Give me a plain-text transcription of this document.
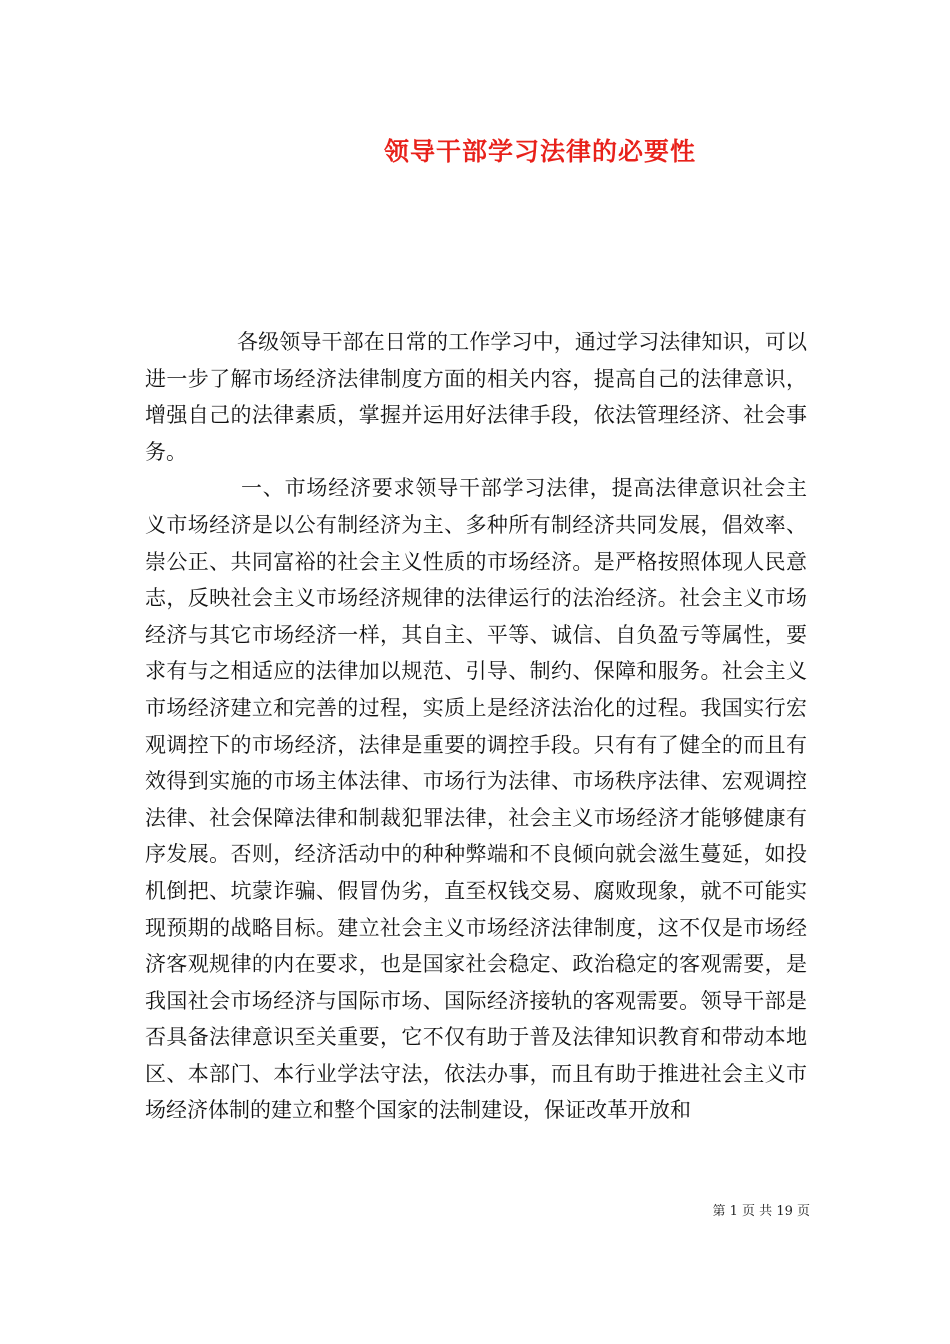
领导干部学习法律的必要性

各级领导干部在日常的工作学习中，通过学习法律知识，可以进一步了解市场经济法律制度方面的相关内容，提高自己的法律意识，增强自己的法律素质，掌握并运用好法律手段，依法管理经济、社会事务。

一、市场经济要求领导干部学习法律，提高法律意识社会主义市场经济是以公有制经济为主、多种所有制经济共同发展，倡效率、崇公正、共同富裕的社会主义性质的市场经济。是严格按照体现人民意志，反映社会主义市场经济规律的法律运行的法治经济。社会主义市场经济与其它市场经济一样，其自主、平等、诚信、自负盈亏等属性，要求有与之相适应的法律加以规范、引导、制约、保障和服务。社会主义市场经济建立和完善的过程，实质上是经济法治化的过程。我国实行宏观调控下的市场经济，法律是重要的调控手段。只有有了健全的而且有效得到实施的市场主体法律、市场行为法律、市场秩序法律、宏观调控法律、社会保障法律和制裁犯罪法律，社会主义市场经济才能够健康有序发展。否则，经济活动中的种种弊端和不良倾向就会滋生蔓延，如投机倒把、坑蒙诈骗、假冒伪劣，直至权钱交易、腐败现象，就不可能实现预期的战略目标。建立社会主义市场经济法律制度，这不仅是市场经济客观规律的内在要求，也是国家社会稳定、政治稳定的客观需要，是我国社会市场经济与国际市场、国际经济接轨的客观需要。领导干部是否具备法律意识至关重要，它不仅有助于普及法律知识教育和带动本地区、本部门、本行业学法守法，依法办事，而且有助于推进社会主义市场经济体制的建立和整个国家的法制建设，保证改革开放和

第 1 页 共 19 页
